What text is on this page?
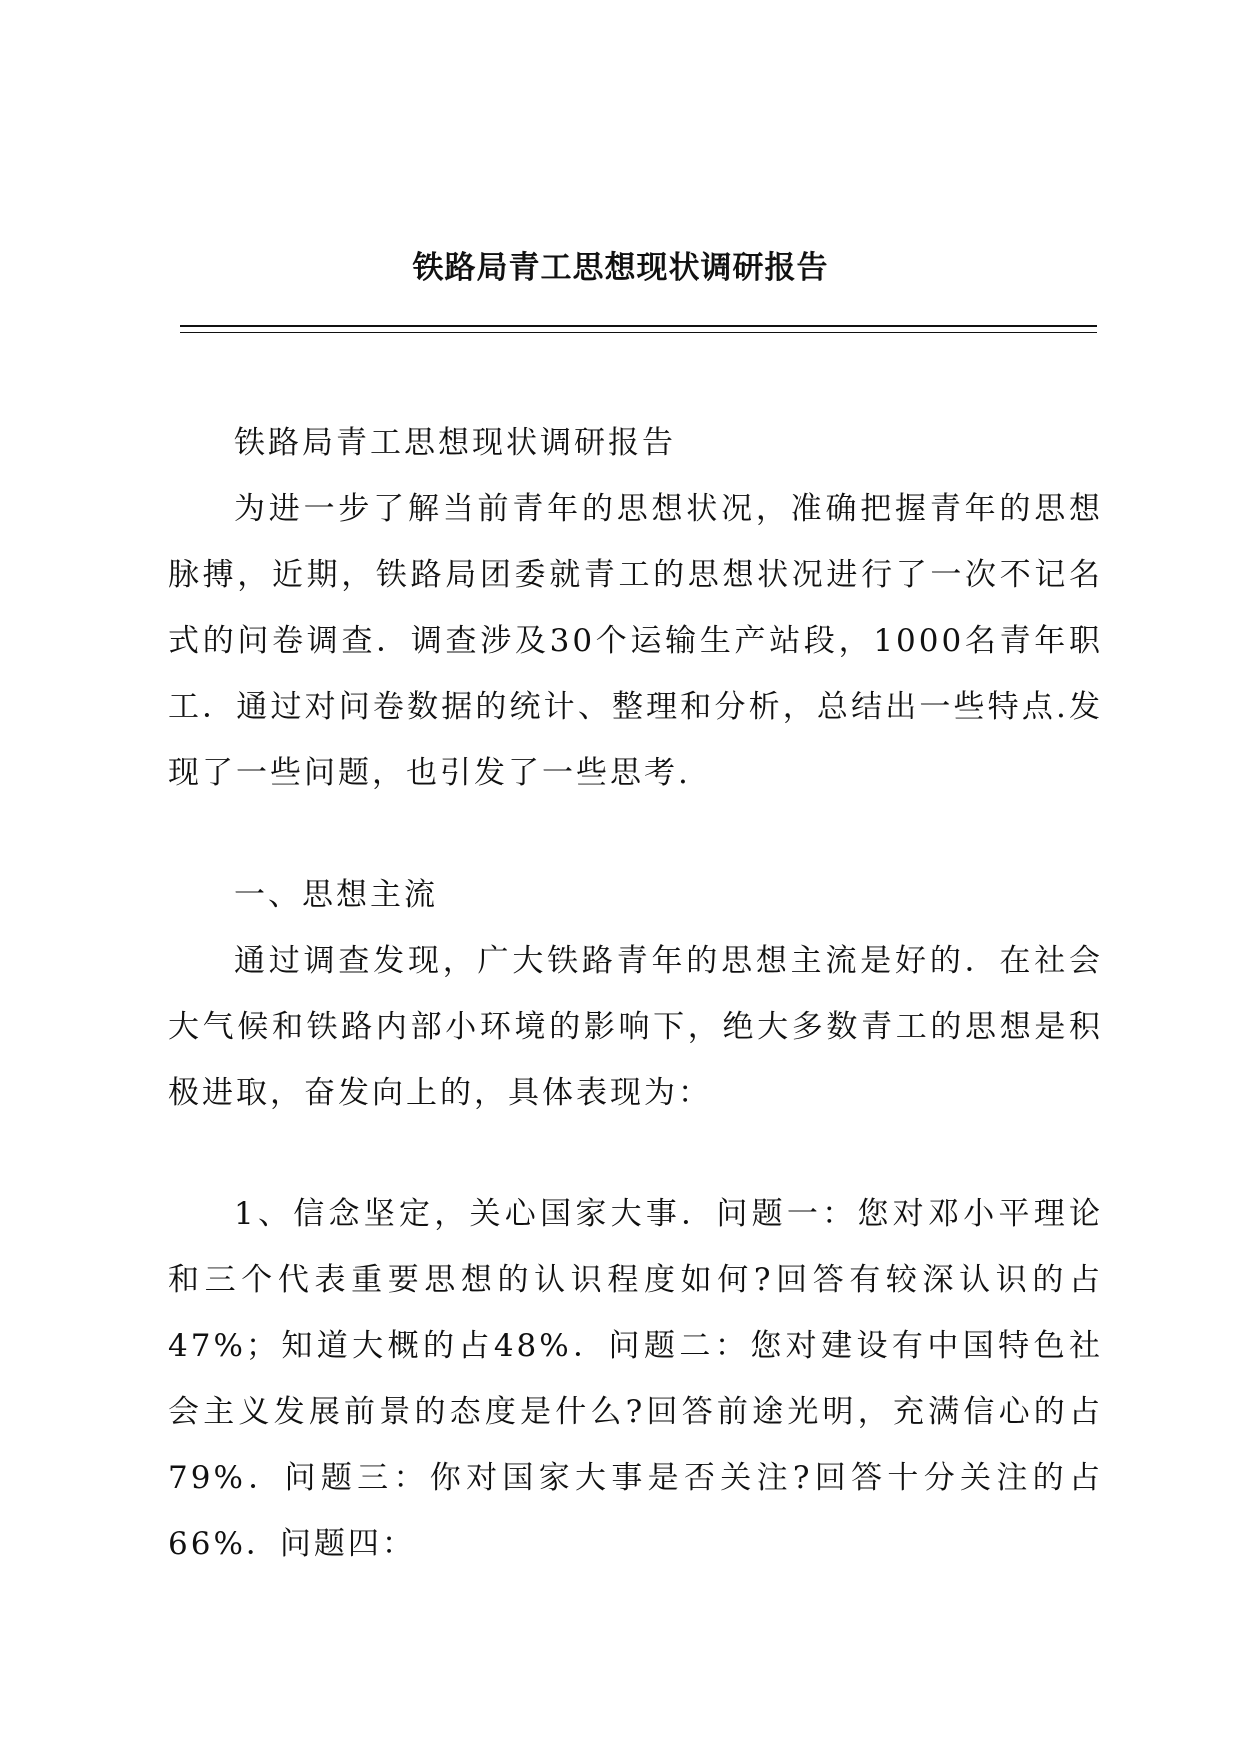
铁路局青工思想现状调研报告

铁路局青工思想现状调研报告

为进一步了解当前青年的思想状况，准确把握青年的思想脉搏，近期，铁路局团委就青工的思想状况进行了一次不记名式的问卷调查．调查涉及30个运输生产站段，1000名青年职工．通过对问卷数据的统计、整理和分析，总结出一些特点.发现了一些问题，也引发了一些思考.

一、思想主流

通过调查发现，广大铁路青年的思想主流是好的．在社会大气候和铁路内部小环境的影响下，绝大多数青工的思想是积极进取，奋发向上的，具体表现为：

1、信念坚定，关心国家大事．问题一：您对邓小平理论和三个代表重要思想的认识程度如何?回答有较深认识的占47%；知道大概的占48%．问题二：您对建设有中国特色社会主义发展前景的态度是什么?回答前途光明，充满信心的占79%．问题三：你对国家大事是否关注?回答十分关注的占66%．问题四：
